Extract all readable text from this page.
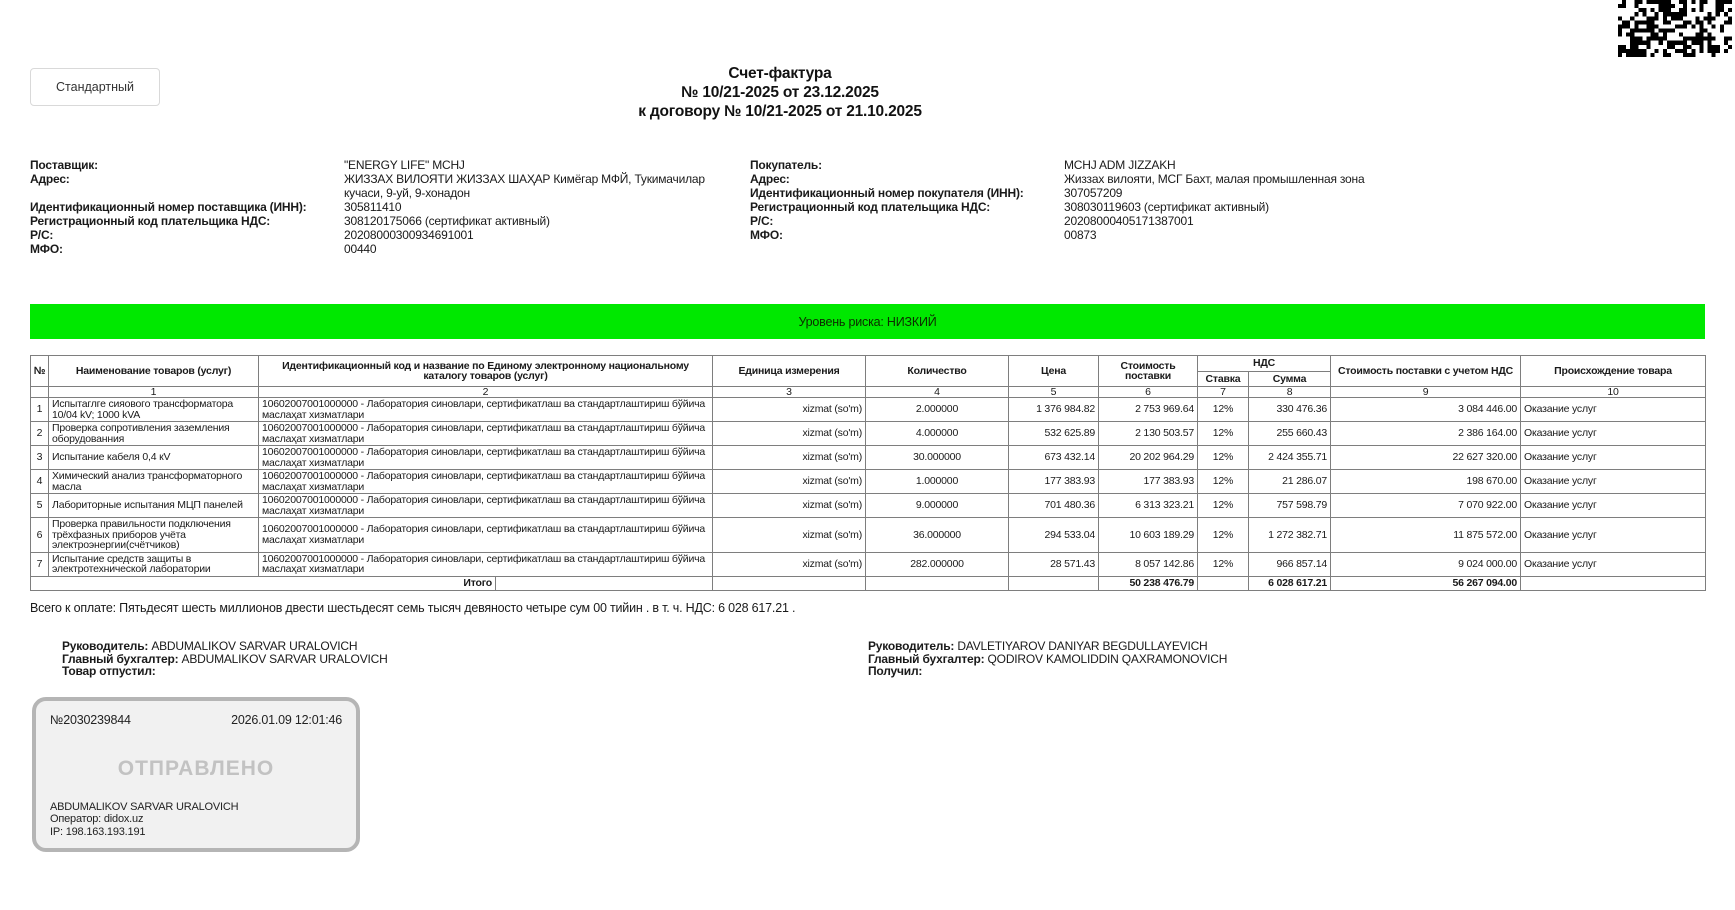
Стандартный
Счет-фактура
№ 10/21-2025 от 23.12.2025
к договору № 10/21-2025 от 21.10.2025
Поставщик:	"ENERGY LIFE" MCHJ
Адрес:	ЖИЗЗАХ ВИЛОЯТИ ЖИЗЗАХ ШАҲАР Кимёгар МФЙ, Тукимачилар кучаси, 9-уй, 9-хонадон
Идентификационный номер поставщика (ИНН):	305811410
Регистрационный код плательщика НДС:	308120175066 (сертификат активный)
Р/С:	20208000300934691001
МФО:	00440
Покупатель:	MCHJ ADM JIZZAKH
Адрес:	Жиззах вилояти, МСГ Бахт, малая промышленная зона
Идентификационный номер покупателя (ИНН):	307057209
Регистрационный код плательщика НДС:	308030119603 (сертификат активный)
Р/С:	20208000405171387001
МФО:	00873
Уровень риска: НИЗКИЙ
№	Наименование товаров (услуг)	Идентификационный код и название по Единому электронному национальному каталогу товаров (услуг)		Единица измерения	Количество	Цена	Стоимость поставки	НДС		Стоимость поставки с учетом НДС	Происхождение товара
								Ставка	Сумма		
	1	2		3	4	5	6	7	8	9	10
1	Испытаглге сияового трансформатора 10/04 kV; 1000 kVA	10602007001000000 - Лаборатория синовлари, сертификатлаш ва стандартлаштириш бўйича маслаҳат хизматлари		xizmat (so'm)	2.000000	1 376 984.82	2 753 969.64	12%	330 476.36	3 084 446.00	Оказание услуг
2	Проверка сопротивления заземления оборудованния	10602007001000000 - Лаборатория синовлари, сертификатлаш ва стандартлаштириш бўйича маслаҳат хизматлари		xizmat (so'm)	4.000000	532 625.89	2 130 503.57	12%	255 660.43	2 386 164.00	Оказание услуг
3	Испытание кабеля 0,4 кV	10602007001000000 - Лаборатория синовлари, сертификатлаш ва стандартлаштириш бўйича маслаҳат хизматлари		xizmat (so'm)	30.000000	673 432.14	20 202 964.29	12%	2 424 355.71	22 627 320.00	Оказание услуг
4	Химический анализ трансформаторного масла	10602007001000000 - Лаборатория синовлари, сертификатлаш ва стандартлаштириш бўйича маслаҳат хизматлари		xizmat (so'm)	1.000000	177 383.93	177 383.93	12%	21 286.07	198 670.00	Оказание услуг
5	Лабориторные испытания МЦП панелей	10602007001000000 - Лаборатория синовлари, сертификатлаш ва стандартлаштириш бўйича маслаҳат хизматлари		xizmat (so'm)	9.000000	701 480.36	6 313 323.21	12%	757 598.79	7 070 922.00	Оказание услуг
6	Проверка правильности подключения трёхфазных приборов учёта электроэнергии(счётчиков)	10602007001000000 - Лаборатория синовлари, сертификатлаш ва стандартлаштириш бўйича маслаҳат хизматлари		xizmat (so'm)	36.000000	294 533.04	10 603 189.29	12%	1 272 382.71	11 875 572.00	Оказание услуг
7	Испытание средств защиты в электротехнической лаборатории	10602007001000000 - Лаборатория синовлари, сертификатлаш ва стандартлаштириш бўйича маслаҳат хизматлари		xizmat (so'm)	282.000000	28 571.43	8 057 142.86	12%	966 857.14	9 024 000.00	Оказание услуг
Итого							50 238 476.79		6 028 617.21	56 267 094.00	
Всего к оплате: Пятьдесят шесть миллионов двести шестьдесят семь тысяч девяносто четыре сум 00 тийин . в т. ч. НДС: 6 028 617.21 .
Руководитель: ABDUMALIKOV SARVAR URALOVICH
Главный бухгалтер: ABDUMALIKOV SARVAR URALOVICH
Товар отпустил:
Руководитель: DAVLETIYAROV DANIYAR BEGDULLAYEVICH
Главный бухгалтер: QODIROV KAMOLIDDIN QAXRAMONOVICH
Получил:
№2030239844	2026.01.09 12:01:46
ОТПРАВЛЕНО
ABDUMALIKOV SARVAR URALOVICH
Оператор: didox.uz
IP: 198.163.193.191
